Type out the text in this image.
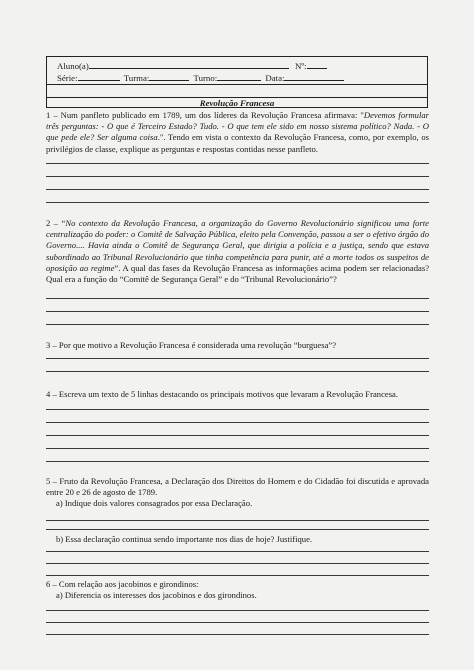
Aluno(a)	Nº:
Série:	Turma:	Turno:	Data:
Revolução Francesa
1 – Num panfleto publicado em 1789, um dos líderes da Revolução Francesa afirmava: "Devemos formular três perguntas: - O que é Terceiro Estado? Tudo. - O que tem ele sido em nosso sistema político? Nada. - O que pede ele? Ser alguma coisa.". Tendo em vista o contexto da Revolução Francesa, como, por exemplo, os privilégios de classe, explique as perguntas e respostas contidas nesse panfleto.
2 – “No contexto da Revolução Francesa, a organização do Governo Revolucionário significou uma forte centralização do poder: o Comitê de Salvação Pública, eleito pela Convenção, passou a ser o efetivo órgão do Governo.... Havia ainda o Comitê de Segurança Geral, que dirigia a polícia e a justiça, sendo que estava subordinado ao Tribunal Revolucionário que tinha competência para punir, até a morte todos os suspeitos de oposição ao regime”. A qual das fases da Revolução Francesa as informações acima podem ser relacionadas? Qual era a função do “Comitê de Segurança Geral” e do “Tribunal Revolucionário”?
3 – Por que motivo a Revolução Francesa é considerada uma revolução “burguesa”?
4 – Escreva um texto de 5 linhas destacando os principais motivos que levaram a Revolução Francesa.
5 – Fruto da Revolução Francesa, a Declaração dos Direitos do Homem e do Cidadão foi discutida e aprovada entre 20 e 26 de agosto de 1789.
a) Indique dois valores consagrados por essa Declaração.
b) Essa declaração continua sendo importante nos dias de hoje? Justifique.
6 – Com relação aos jacobinos e girondinos:
a) Diferencia os interesses dos jacobinos e dos girondinos.
